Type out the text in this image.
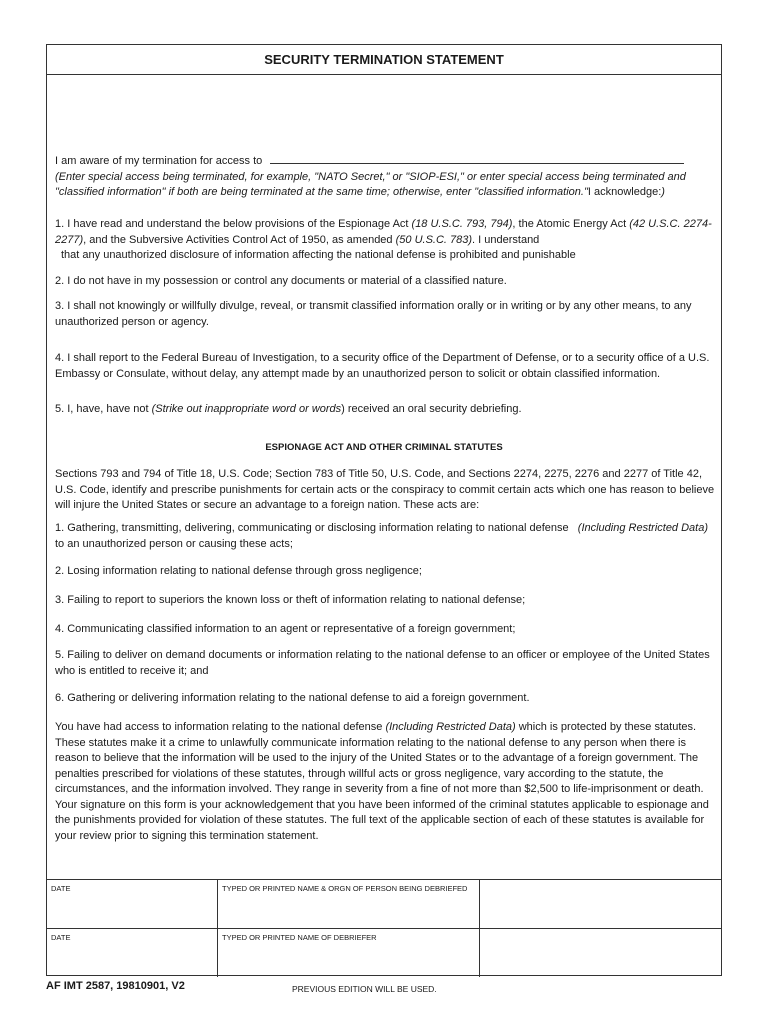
SECURITY TERMINATION STATEMENT
I am aware of my termination for access to
(Enter special access being terminated, for example, "NATO Secret," or "SIOP-ESI," or enter special access being terminated and "classified information" if both are being terminated at the same time; otherwise, enter "classified information."I acknowledge:)
1. I have read and understand the below provisions of the Espionage Act (18 U.S.C. 793, 794), the Atomic Energy Act (42 U.S.C. 2274-2277), and the Subversive Activities Control Act of 1950, as amended (50 U.S.C. 783). I understand
that any unauthorized disclosure of information affecting the national defense is prohibited and punishable
2. I do not have in my possession or control any documents or material of a classified nature.
3. I shall not knowingly or willfully divulge, reveal, or transmit classified information orally or in writing or by any other means, to any unauthorized person or agency.
4. I shall report to the Federal Bureau of Investigation, to a security office of the Department of Defense, or to a security office of a U.S. Embassy or Consulate, without delay, any attempt made by an unauthorized person to solicit or obtain classified information.
5. I, have, have not (Strike out inappropriate word or words) received an oral security debriefing.
ESPIONAGE ACT AND OTHER CRIMINAL STATUTES
Sections 793 and 794 of Title 18, U.S. Code; Section 783 of Title 50, U.S. Code, and Sections 2274, 2275, 2276 and 2277 of Title 42, U.S. Code, identify and prescribe punishments for certain acts or the conspiracy to commit certain acts which one has reason to believe will injure the United States or secure an advantage to a foreign nation. These acts are:
1. Gathering, transmitting, delivering, communicating or disclosing information relating to national defense (Including Restricted Data) to an unauthorized person or causing these acts;
2. Losing information relating to national defense through gross negligence;
3. Failing to report to superiors the known loss or theft of information relating to national defense;
4. Communicating classified information to an agent or representative of a foreign government;
5. Failing to deliver on demand documents or information relating to the national defense to an officer or employee of the United States who is entitled to receive it; and
6. Gathering or delivering information relating to the national defense to aid a foreign government.
You have had access to information relating to the national defense (Including Restricted Data) which is protected by these statutes. These statutes make it a crime to unlawfully communicate information relating to the national defense to any person when there is reason to believe that the information will be used to the injury of the United States or to the advantage of a foreign government. The penalties prescribed for violations of these statutes, through willful acts or gross negligence, vary according to the statute, the circumstances, and the information involved. They range in severity from a fine of not more than $2,500 to life-imprisonment or death. Your signature on this form is your acknowledgement that you have been informed of the criminal statutes applicable to espionage and the punishments provided for violation of these statutes. The full text of the applicable section of each of these statutes is available for your review prior to signing this termination statement.
DATE	TYPED OR PRINTED NAME & ORGN OF PERSON BEING DEBRIEFED
DATE	TYPED OR PRINTED NAME OF DEBRIEFER
AF IMT 2587, 19810901, V2	PREVIOUS EDITION WILL BE USED.
